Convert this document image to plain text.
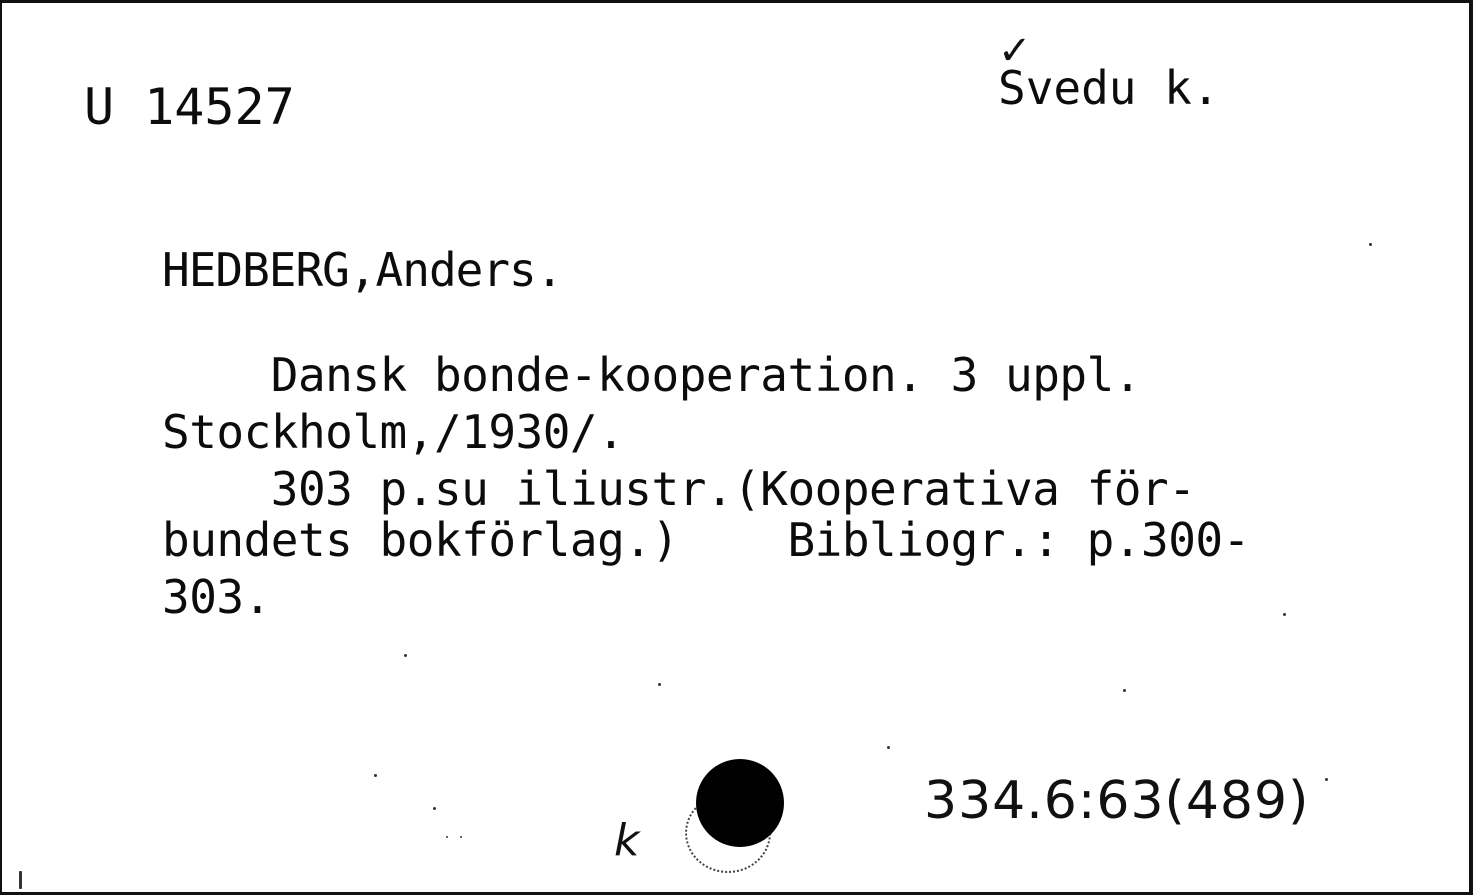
U 14527
✓
Svedu k.
HEDBERG,Anders.
Dansk bonde-kooperation. 3 uppl.
Stockholm,/1930/.
303 p.su iliustr.(Kooperativa för-
bundets bokförlag.)    Bibliogr.: p.300-
303.
k
334.6:63(489)
